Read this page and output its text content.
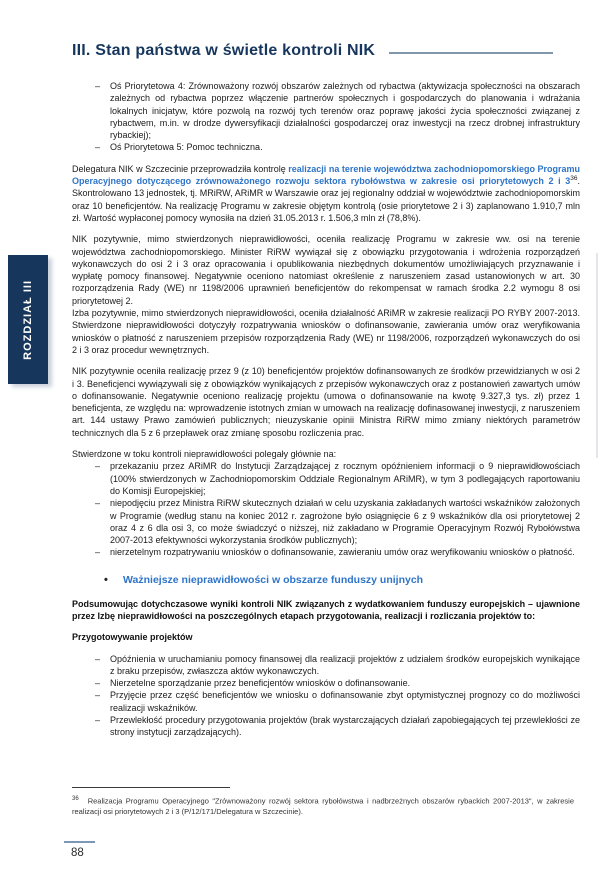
III. Stan państwa w świetle kontroli NIK
ROZDZIAŁ III
– Oś Priorytetowa 4: Zrównoważony rozwój obszarów zależnych od rybactwa (aktywizacja społeczności na obszarach zależnych od rybactwa poprzez włączenie partnerów społecznych i gospodarczych do planowania i wdrażania lokalnych inicjatyw, które pozwolą na rozwój tych terenów oraz poprawę jakości życia społeczności związanej z rybactwem, m.in. w drodze dywersyfikacji działalności gospodarczej oraz inwestycji na rzecz drobnej infrastruktury rybackiej);
– Oś Priorytetowa 5: Pomoc techniczna.

Delegatura NIK w Szczecinie przeprowadziła kontrolę realizacji na terenie województwa zachodniopomorskiego Programu Operacyjnego dotyczącego zrównoważonego rozwoju sektora rybołówstwa w zakresie osi priorytetowych 2 i 3$^{36}$. Skontrolowano 13 jednostek, tj. MRiRW, ARiMR w Warszawie oraz jej regionalny oddział w województwie zachodniopomorskim oraz 10 beneficjentów. Na realizację Programu w zakresie objętym kontrolą (osie priorytetowe 2 i 3) zaplanowano 1.910,7 mln zł. Wartość wypłaconej pomocy wynosiła na dzień 31.05.2013 r. 1.506,3 mln zł (78,8%).

NIK pozytywnie, mimo stwierdzonych nieprawidłowości, oceniła realizację Programu w zakresie ww. osi na terenie województwa zachodniopomorskiego. Minister RiRW wywiązał się z obowiązku przygotowania i wdrożenia rozporządzeń wykonawczych do osi 2 i 3 oraz opracowania i opublikowania niezbędnych dokumentów umożliwiających przyznawanie i wypłatę pomocy finansowej. Negatywnie oceniono natomiast określenie z naruszeniem zasad ustanowionych w art. 30 rozporządzenia Rady (WE) nr 1198/2006 uprawnień beneficjentów do rekompensat w ramach środka 2.2 wymogu 8 osi priorytetowej 2.

Izba pozytywnie, mimo stwierdzonych nieprawidłowości, oceniła działalność ARiMR w zakresie realizacji PO RYBY 2007-2013. Stwierdzone nieprawidłowości dotyczyły rozpatrywania wniosków o dofinansowanie, zawierania umów oraz weryfikowania wniosków o płatność z naruszeniem przepisów rozporządzenia Rady (WE) nr 1198/2006, rozporządzeń wykonawczych do osi 2 i 3 oraz procedur wewnętrznych.

NIK pozytywnie oceniła realizację przez 9 (z 10) beneficjentów projektów dofinansowanych ze środków przewidzianych w osi 2 i 3. Beneficjenci wywiązywali się z obowiązków wynikających z przepisów wykonawczych oraz z postanowień zawartych umów o dofinansowanie. Negatywnie oceniono realizację projektu (umowa o dofinansowanie na kwotę 9.327,3 tys. zł) przez 1 beneficjenta, ze względu na: wprowadzenie istotnych zmian w umowach na realizację dofinasowanej inwestycji, z naruszeniem art. 144 ustawy Prawo zamówień publicznych; nieuzyskanie opinii Ministra RiRW mimo zmiany niektórych parametrów technicznych dla 5 z 6 przepławek oraz zmianę sposobu rozliczenia prac.

Stwierdzone w toku kontroli nieprawidłowości polegały głównie na:

– przekazaniu przez ARiMR do Instytucji Zarządzającej z rocznym opóźnieniem informacji o 9 nieprawidłowościach (100% stwierdzonych w Zachodniopomorskim Oddziale Regionalnym ARiMR), w tym 3 podlegających raportowaniu do Komisji Europejskiej;
– niepodjęciu przez Ministra RiRW skutecznych działań w celu uzyskania zakładanych wartości wskaźników założonych w Programie (według stanu na koniec 2012 r. zagrożone było osiągnięcie 6 z 9 wskaźników dla osi priorytetowej 2 oraz 4 z 6 dla osi 3, co może świadczyć o niższej, niż zakładano w Programie Operacyjnym Rozwój Rybołówstwa 2007-2013 efektywności wykorzystania środków publicznych);
– nierzetelnym rozpatrywaniu wniosków o dofinansowanie, zawieraniu umów oraz weryfikowaniu wniosków o płatność.
• Ważniejsze nieprawidłowości w obszarze funduszy unijnych

Podsumowując dotychczasowe wyniki kontroli NIK związanych z wydatkowaniem funduszy europejskich – ujawnione przez Izbę nieprawidłowości na poszczególnych etapach przygotowania, realizacji i rozliczania projektów to:

Przygotowywanie projektów

– Opóźnienia w uruchamianiu pomocy finansowej dla realizacji projektów z udziałem środków europejskich wynikające z braku przepisów, zwłaszcza aktów wykonawczych.
– Nierzetelne sporządzanie przez beneficjentów wniosków o dofinansowanie.
– Przyjęcie przez część beneficjentów we wniosku o dofinansowanie zbyt optymistycznej prognozy co do możliwości realizacji wskaźników.
– Przewlekłość procedury przygotowania projektów (brak wystarczających działań zapobiegających tej przewlekłości ze strony instytucji zarządzających).
$^{36}$ Realizacja Programu Operacyjnego "Zrównoważony rozwój sektora rybołówstwa i nadbrzeżnych obszarów rybackich 2007-2013", w zakresie realizacji osi priorytetowych 2 i 3 (P/12/171/Delegatura w Szczecinie).
88
